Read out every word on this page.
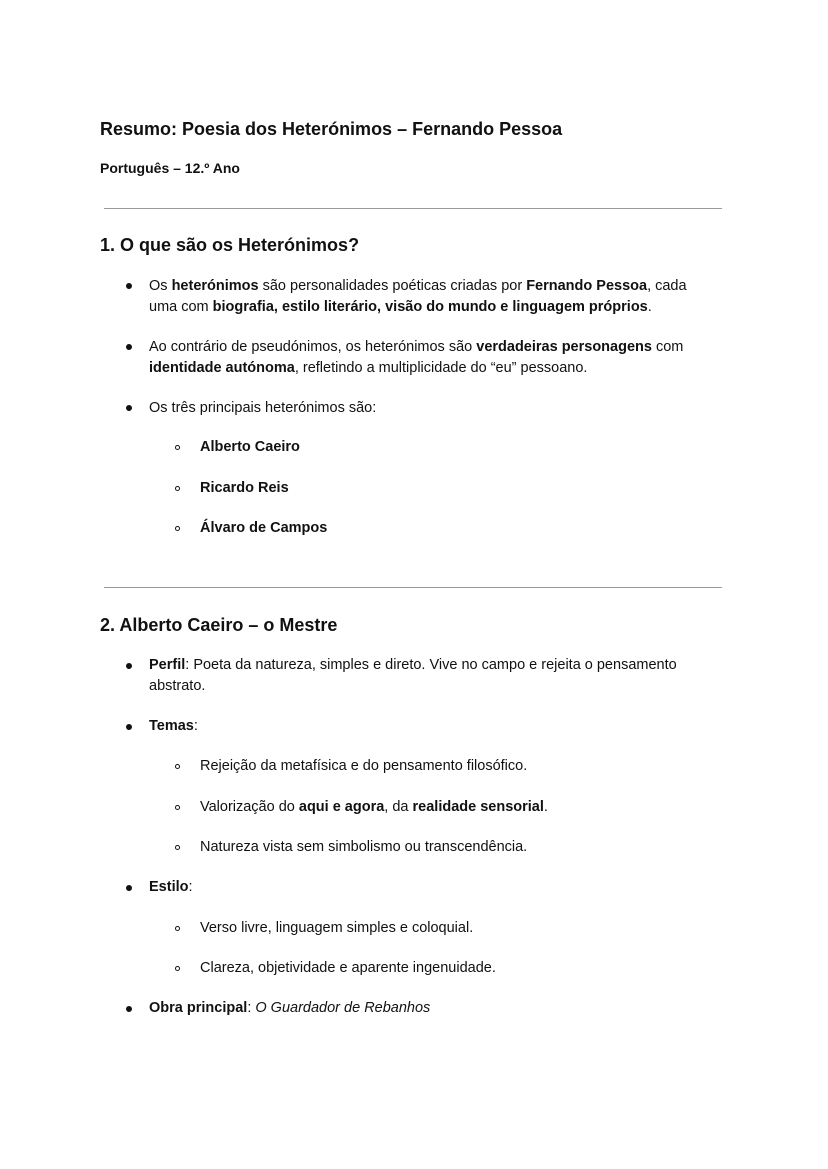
Resumo: Poesia dos Heterónimos – Fernando Pessoa

Português – 12.º Ano

1. O que são os Heterónimos?

Os heterónimos são personalidades poéticas criadas por Fernando Pessoa, cada
uma com biografia, estilo literário, visão do mundo e linguagem próprios.

Ao contrário de pseudónimos, os heterónimos são verdadeiras personagens com
identidade autónoma, refletindo a multiplicidade do “eu” pessoano.

Os três principais heterónimos são:

Alberto Caeiro

Ricardo Reis

Álvaro de Campos

2. Alberto Caeiro – o Mestre

Perfil: Poeta da natureza, simples e direto. Vive no campo e rejeita o pensamento
abstrato.

Temas:

Rejeição da metafísica e do pensamento filosófico.

Valorização do aqui e agora, da realidade sensorial.

Natureza vista sem simbolismo ou transcendência.

Estilo:

Verso livre, linguagem simples e coloquial.

Clareza, objetividade e aparente ingenuidade.

Obra principal: O Guardador de Rebanhos
